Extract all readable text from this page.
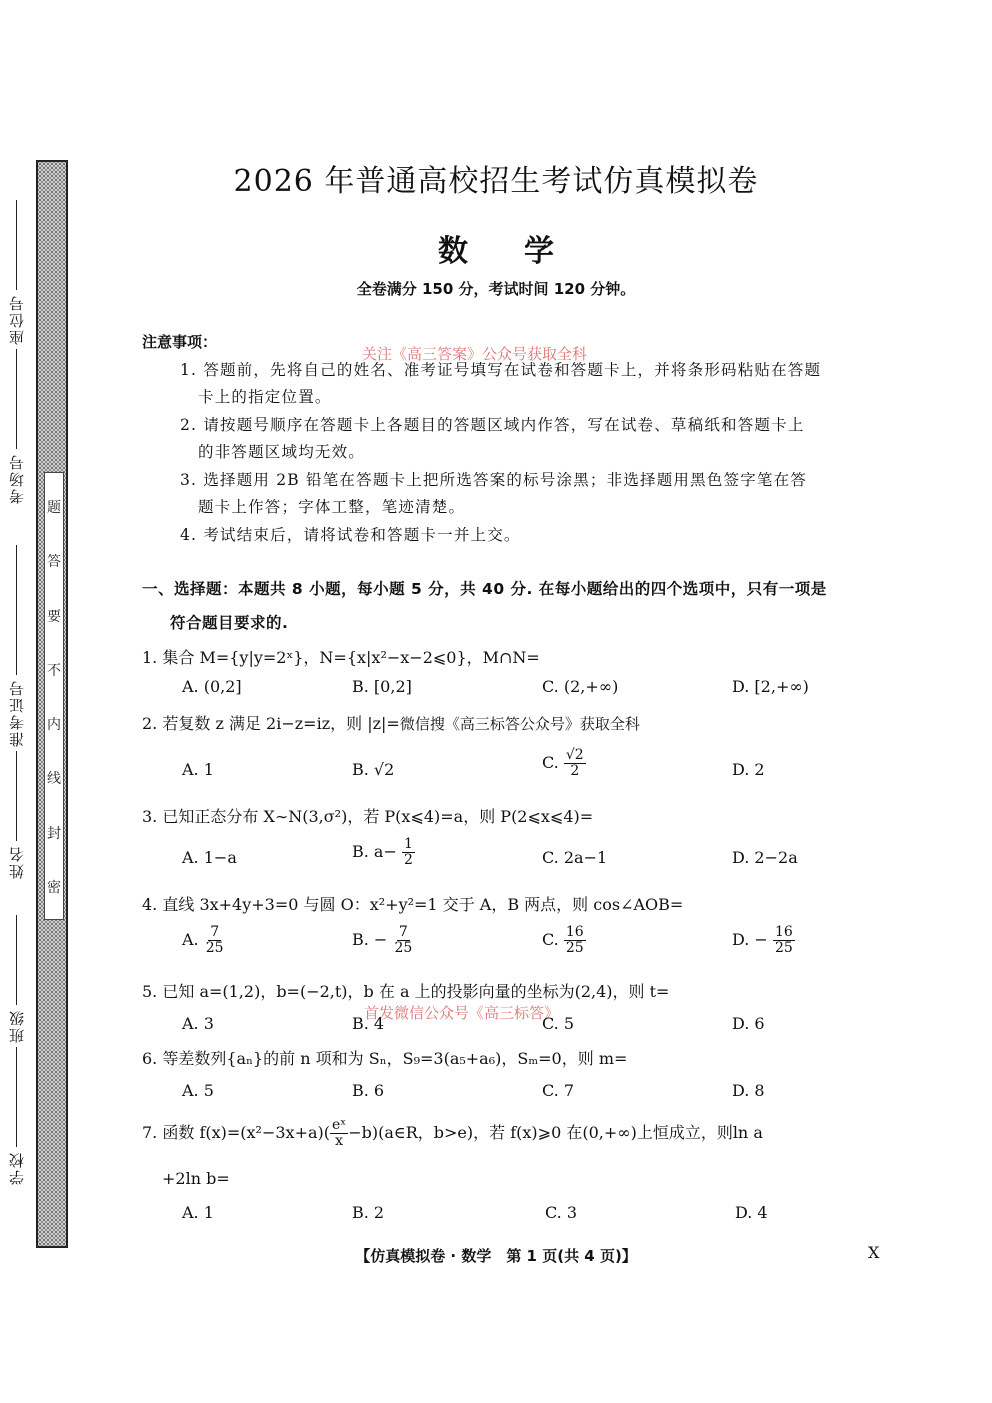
题
答
要
不
内
线
封
密
座位号
考场号
准考证号
姓名
班级
学校
2026 年普通高校招生考试仿真模拟卷
数学
全卷满分 150 分，考试时间 120 分钟。
注意事项：
关注《高三答案》公众号获取全科
1. 答题前，先将自己的姓名、准考证号填写在试卷和答题卡上，并将条形码粘贴在答题
卡上的指定位置。
2. 请按题号顺序在答题卡上各题目的答题区域内作答，写在试卷、草稿纸和答题卡上
的非答题区域均无效。
3. 选择题用 2B 铅笔在答题卡上把所选答案的标号涂黑；非选择题用黑色签字笔在答
题卡上作答；字体工整，笔迹清楚。
4. 考试结束后，请将试卷和答题卡一并上交。
一、选择题：本题共 8 小题，每小题 5 分，共 40 分. 在每小题给出的四个选项中，只有一项是
符合题目要求的.
1. 集合 M={y|y=2ˣ}，N={x|x²−x−2⩽0}，M∩N=
A. (0,2]	B. [0,2]	C. (2,+∞)	D. [2,+∞)
2. 若复数 z 满足 2i−z=iz，则 |z|=微信搜《高三标答公众号》获取全科
A. 1	B. √2	C. $\frac{√2}{2}$	D. 2
3. 已知正态分布 X∼N(3,σ²)，若 P(x⩽4)=a，则 P(2⩽x⩽4)=
A. 1−a	B. $a- \frac{1}{2}$	C. 2a−1	D. 2−2a
4. 直线 3x+4y+3=0 与圆 O：x²+y²=1 交于 A，B 两点，则 cos∠AOB=
A. $\frac{7}{25}$	B. − $\frac{7}{25}$	C. $\frac{16}{25}$	D. − $\frac{16}{25}$
5. 已知 a=(1,2)，b=(−2,t)，b 在 a 上的投影向量的坐标为(2,4)，则 t=
首发微信公众号《高三标答》
A. 3	B. 4	C. 5	D. 6
6. 等差数列{aₙ}的前 n 项和为 Sₙ，S₉=3(a₅+a₆)，Sₘ=0，则 m=
A. 5	B. 6	C. 7	D. 8
7. 函数 $f(x)=(x^2-3x+a)( \frac{\text{eˣ}}{x}$ −b)(a∈R，b>e)，若 f(x)⩾0 在(0,+∞)上恒成立，则ln a
+2ln b=
A. 1	B. 2	C. 3	D. 4
【仿真模拟卷 · 数学　第 1 页(共 4 页)】	X
